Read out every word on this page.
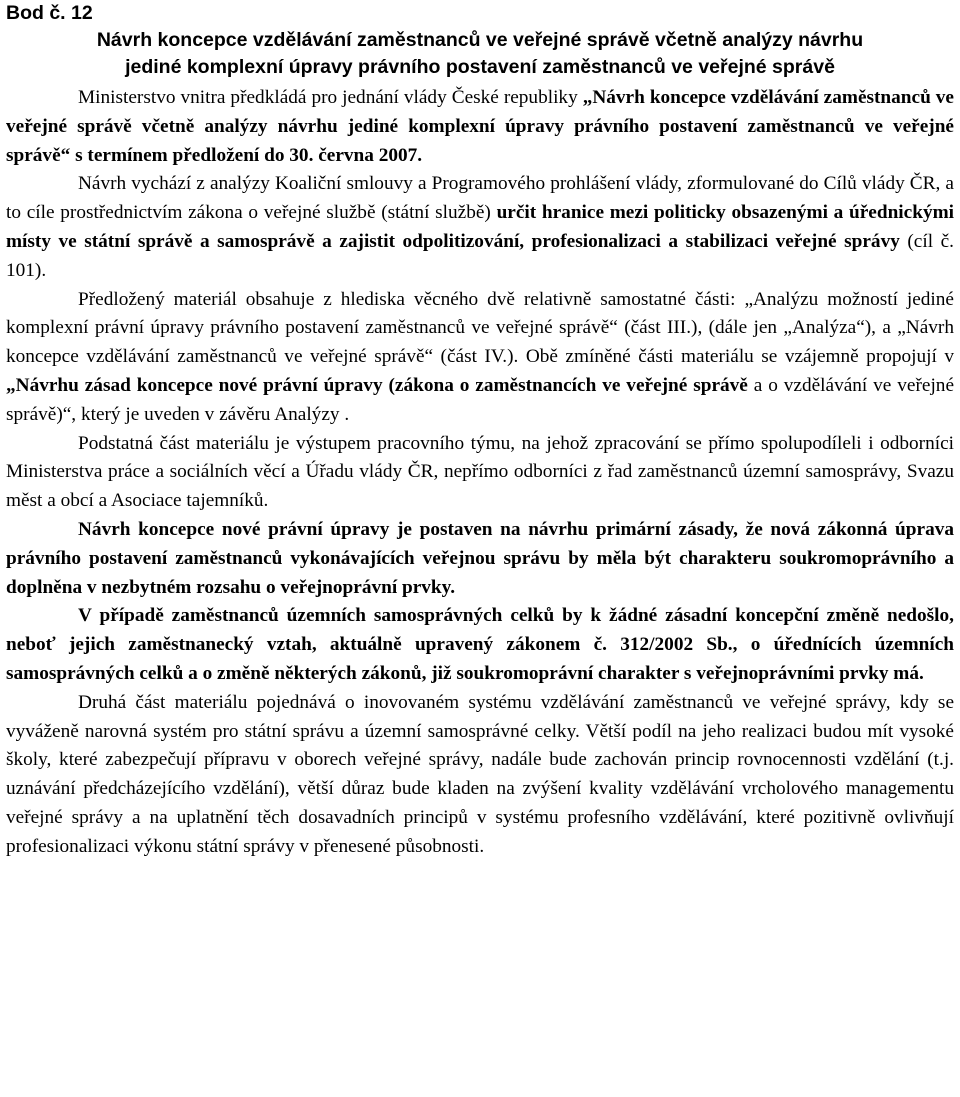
Bod č. 12
Návrh koncepce vzdělávání zaměstnanců ve veřejné správě včetně analýzy návrhu
jediné komplexní úpravy právního postavení zaměstnanců ve veřejné správě

Ministerstvo vnitra předkládá pro jednání vlády České republiky „Návrh koncepce vzdělávání zaměstnanců ve veřejné správě včetně analýzy návrhu jediné komplexní úpravy právního postavení zaměstnanců ve veřejné správě“ s termínem předložení do 30. června 2007.

Návrh vychází z analýzy Koaliční smlouvy a Programového prohlášení vlády, zformulované do Cílů vlády ČR, a to cíle prostřednictvím zákona o veřejné službě (státní službě) určit hranice mezi politicky obsazenými a úřednickými místy ve státní správě a samosprávě a zajistit odpolitizování, profesionalizaci a stabilizaci veřejné správy (cíl č. 101).

Předložený materiál obsahuje z hlediska věcného dvě relativně samostatné části: „Analýzu možností jediné komplexní právní úpravy právního postavení zaměstnanců ve veřejné správě“ (část III.), (dále jen „Analýza“), a „Návrh koncepce vzdělávání zaměstnanců ve veřejné správě“ (část IV.). Obě zmíněné části materiálu se vzájemně propojují v „Návrhu zásad koncepce nové právní úpravy (zákona o zaměstnancích ve veřejné správě a o vzdělávání ve veřejné správě)“, který je uveden v závěru Analýzy .

Podstatná část materiálu je výstupem pracovního týmu, na jehož zpracování se přímo spolupodíleli i odborníci Ministerstva práce a sociálních věcí a Úřadu vlády ČR, nepřímo odborníci z řad zaměstnanců územní samosprávy, Svazu měst a obcí a Asociace tajemníků.

Návrh koncepce nové právní úpravy je postaven na návrhu primární zásady, že nová zákonná úprava právního postavení zaměstnanců vykonávajících veřejnou správu by měla být charakteru soukromoprávního a doplněna v nezbytném rozsahu o veřejnoprávní prvky.

V případě zaměstnanců územních samosprávných celků by k žádné zásadní koncepční změně nedošlo, neboť jejich zaměstnanecký vztah, aktuálně upravený zákonem č. 312/2002 Sb., o úřednících územních samosprávných celků a o změně některých zákonů, již soukromoprávní charakter s veřejnoprávními prvky má.

Druhá část materiálu pojednává o inovovaném systému vzdělávání zaměstnanců ve veřejné správy, kdy se vyváženě narovná systém pro státní správu a územní samosprávné celky. Větší podíl na jeho realizaci budou mít vysoké školy, které zabezpečují přípravu v oborech veřejné správy, nadále bude zachován princip rovnocennosti vzdělání (t.j. uznávání předcházejícího vzdělání), větší důraz bude kladen na zvýšení kvality vzdělávání vrcholového managementu veřejné správy a na uplatnění těch dosavadních principů v systému profesního vzdělávání, které pozitivně ovlivňují profesionalizaci výkonu státní správy v přenesené působnosti.
